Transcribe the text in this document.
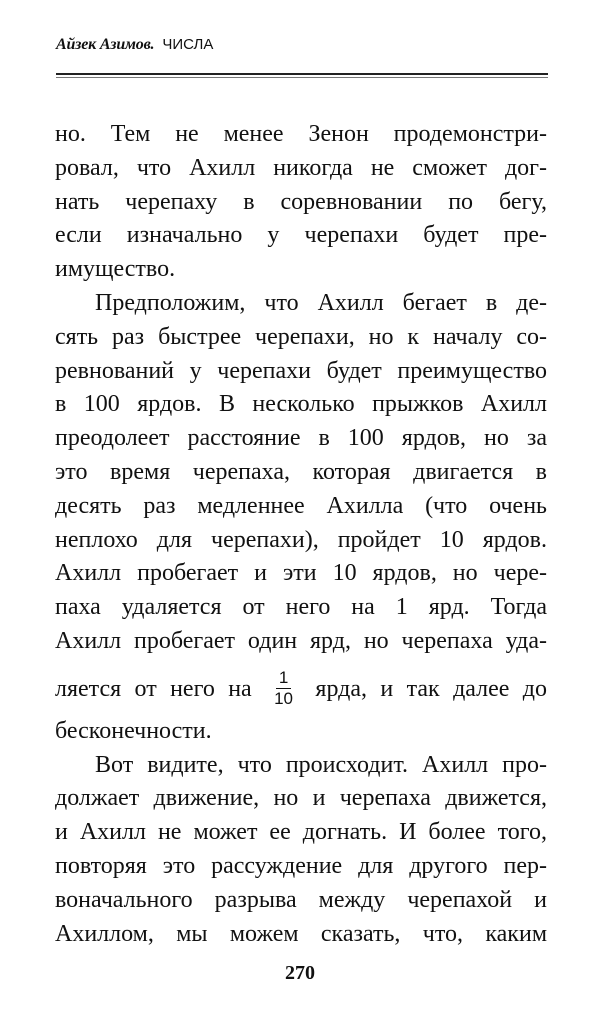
Айзек Азимов. ЧИСЛА
но. Тем не менее Зенон продемонстри-
ровал, что Ахилл никогда не сможет дог-
нать черепаху в соревновании по бегу,
если изначально у черепахи будет пре-
имущество.
Предположим, что Ахилл бегает в де-
сять раз быстрее черепахи, но к началу со-
ревнований у черепахи будет преимущество
в 100 ярдов. В несколько прыжков Ахилл
преодолеет расстояние в 100 ярдов, но за
это время черепаха, которая двигается в
десять раз медленнее Ахилла (что очень
неплохо для черепахи), пройдет 10 ярдов.
Ахилл пробегает и эти 10 ярдов, но чере-
паха удаляется от него на 1 ярд. Тогда
Ахилл пробегает один ярд, но черепаха уда-
ляется от него на $\frac{1}{10}$ ярда, и так далее до
бесконечности.
Вот видите, что происходит. Ахилл про-
должает движение, но и черепаха движется,
и Ахилл не может ее догнать. И более того,
повторяя это рассуждение для другого пер-
воначального разрыва между черепахой и
Ахиллом, мы можем сказать, что, каким
270
